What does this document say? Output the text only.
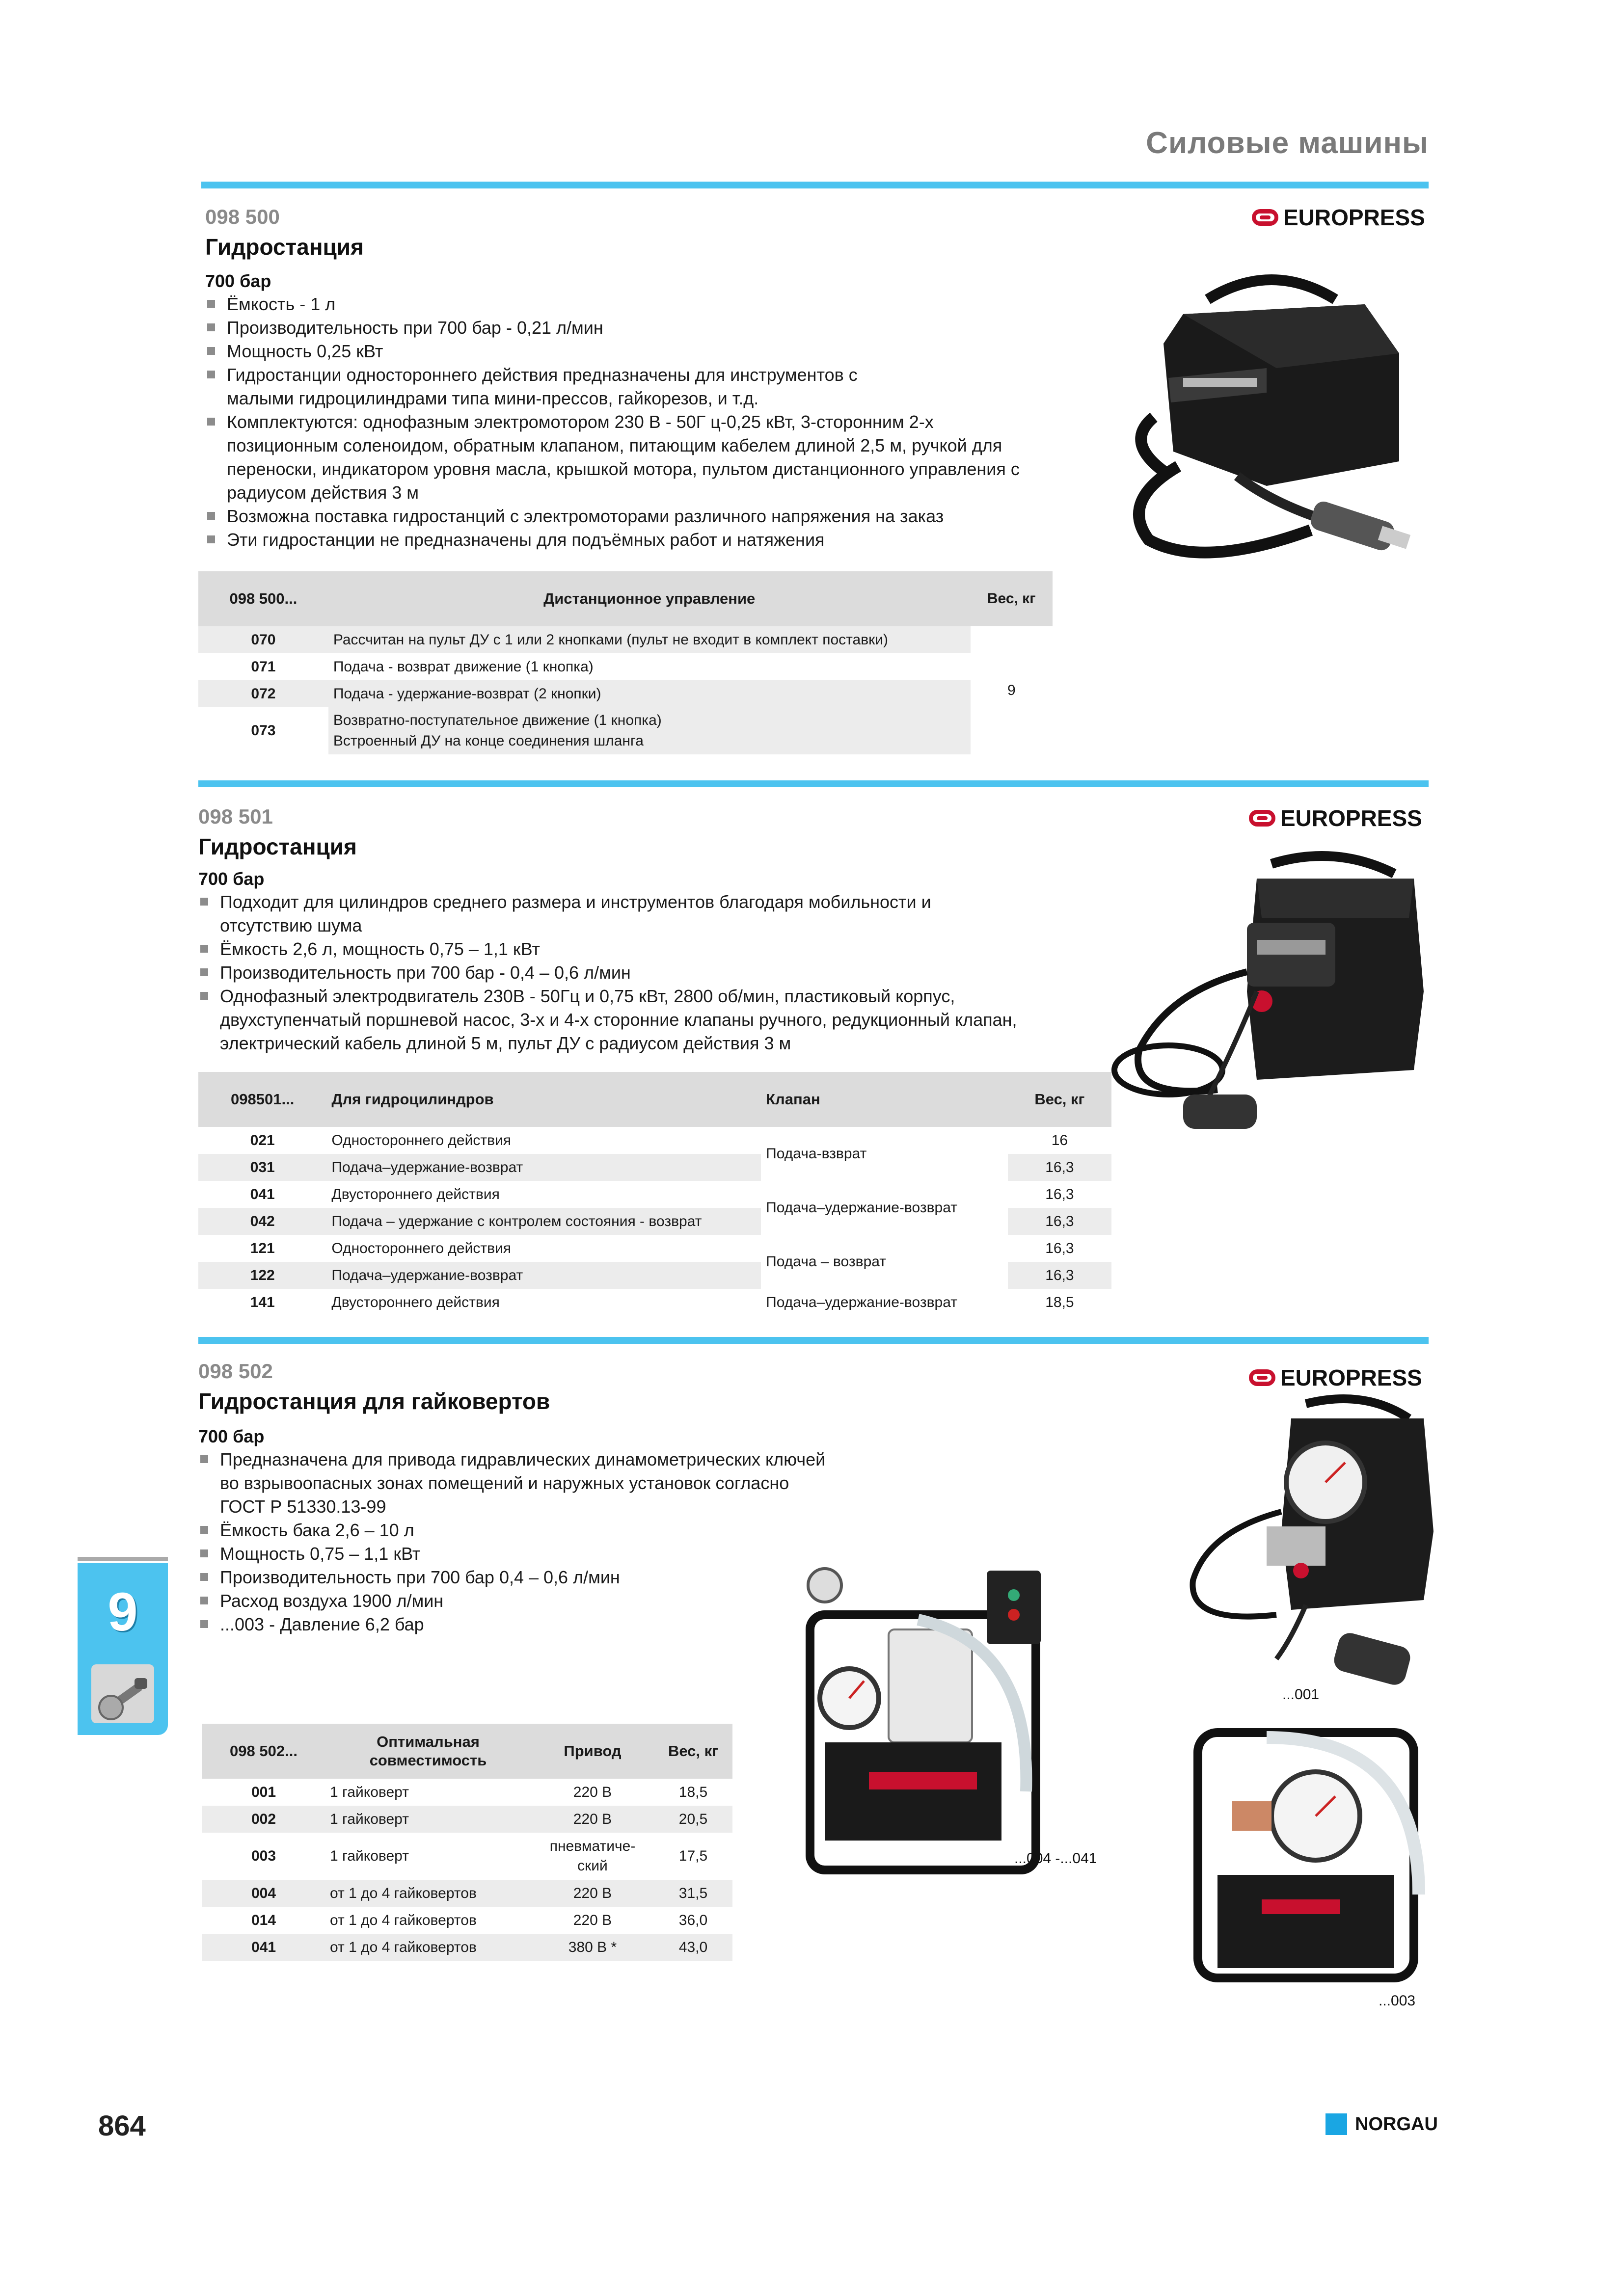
Силовые машины
098 500
Гидростанция
EUROPRESS
700 бар
Ёмкость - 1 л
Производительность при 700 бар - 0,21 л/мин
Мощность 0,25 кВт
Гидростанции одностороннего действия предназначены для инструментов с малыми гидроцилиндрами типа мини-прессов, гайкорезов, и т.д.
Комплектуются: однофазным электромотором 230 В - 50Г ц-0,25 кВт, 3-сторонним 2-х позиционным соленоидом, обратным клапаном, питающим кабелем длиной 2,5 м, ручкой для переноски, индикатором уровня масла, крышкой мотора, пультом дистанционного управления с радиусом действия 3 м
Возможна поставка гидростанций с электромоторами различного напряжения на заказ
Эти гидростанции не предназначены для подъёмных работ и натяжения
098 500...	Дистанционное управление	Вес, кг
070	Рассчитан на пульт ДУ с 1 или 2 кнопками (пульт не входит в комплект поставки)	9
071	Подача - возврат движение (1 кнопка)	
072	Подача - удержание-возврат (2 кнопки)	
073	Возвратно-поступательное движение (1 кнопка)
Встроенный ДУ на конце соединения шланга	
098 501
Гидростанция
EUROPRESS
700 бар
Подходит для цилиндров среднего размера и инструментов благодаря мобильности и отсутствию шума
Ёмкость 2,6 л, мощность 0,75 – 1,1 кВт
Производительность при 700 бар - 0,4 – 0,6 л/мин
Однофазный электродвигатель 230В - 50Гц и 0,75 кВт, 2800 об/мин, пластиковый корпус, двухступенчатый поршневой насос, 3-х и 4-х сторонние клапаны ручного, редукционный клапан, электрический кабель длиной 5 м, пульт ДУ с радиусом действия 3 м
098501...	Для гидроцилиндров	Клапан	Вес, кг
021	Одностороннего действия	Подача-взврат	16
031	Подача–удержание-возврат		16,3
041	Двустороннего действия	Подача–удержание-возврат	16,3
042	Подача – удержание с контролем состояния - возврат		16,3
121	Одностороннего действия	Подача – возврат	16,3
122	Подача–удержание-возврат		16,3
141	Двустороннего действия	Подача–удержание-возврат	18,5
098 502
Гидростанция для гайковертов
EUROPRESS
700 бар
Предназначена для привода гидравлических динамометрических ключей во взрывоопасных зонах помещений и наружных установок согласно ГОСТ Р 51330.13-99
Ёмкость бака 2,6 – 10 л
Мощность 0,75 – 1,1 кВт
Производительность при 700 бар 0,4 – 0,6 л/мин
Расход воздуха 1900 л/мин
...003 - Давление 6,2 бар
9
098 502...	Оптимальная совместимость	Привод	Вес, кг
001	1 гайковерт	220 В	18,5
002	1 гайковерт	220 В	20,5
003	1 гайковерт	пневматиче-ский	17,5
004	от 1 до 4 гайковертов	220 В	31,5
014	от 1 до 4 гайковертов	220 В	36,0
041	от 1 до 4 гайковертов	380 В *	43,0
...004 -...041
...001
...003
864	NORGAU
